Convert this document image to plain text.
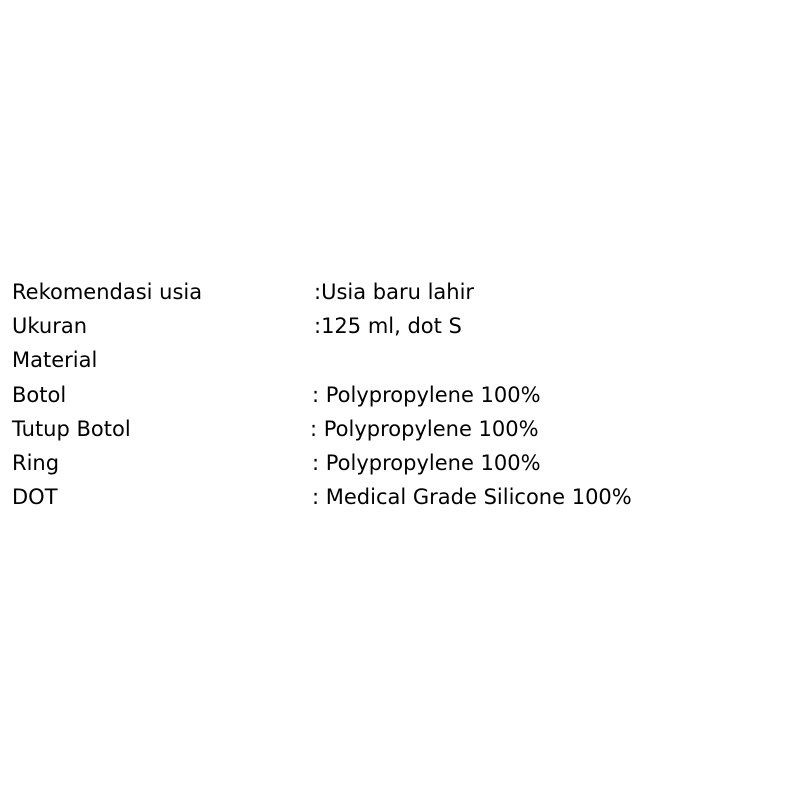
Rekomendasi usia	:Usia baru lahir
Ukuran	:125 ml, dot S
Material
Botol	: Polypropylene 100%
Tutup Botol	: Polypropylene 100%
Ring	: Polypropylene 100%
DOT	: Medical Grade Silicone 100%
